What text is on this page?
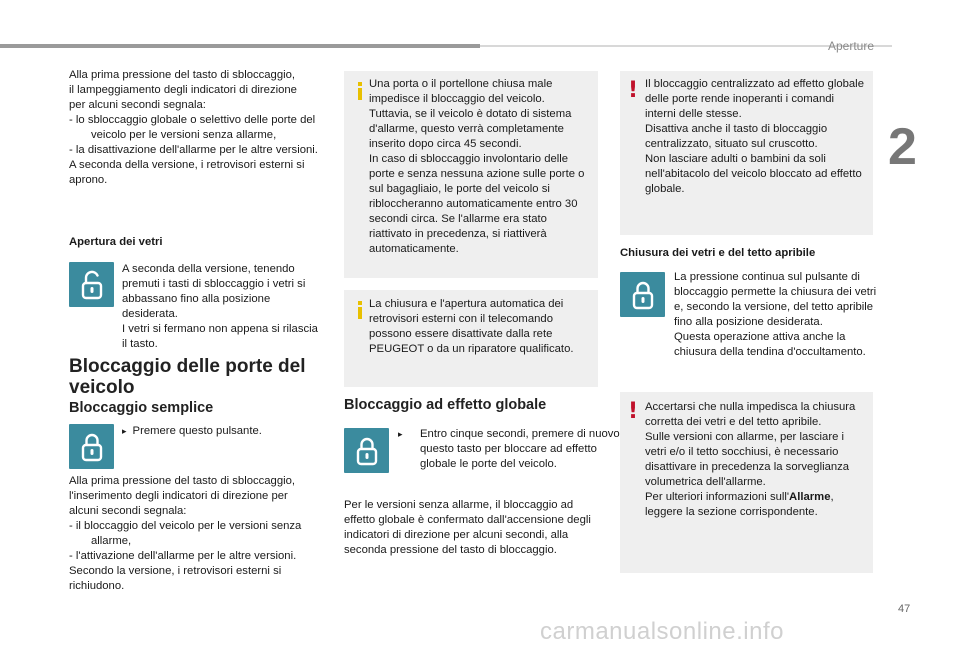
Aperture
2
47
carmanualsonline.info

Alla prima pressione del tasto di sbloccaggio,

il lampeggiamento degli indicatori di direzione

per alcuni secondi segnala:

- lo sbloccaggio globale o selettivo delle porte del veicolo per le versioni senza allarme,

- la disattivazione dell'allarme per le altre versioni.

A seconda della versione, i retrovisori esterni si aprono.

Apertura dei vetri
A seconda della versione, tenendo premuti i tasti di sbloccaggio i vetri si abbassano fino alla posizione desiderata.
I vetri si fermano non appena si rilascia il tasto.
Bloccaggio delle porte del veicolo
Bloccaggio semplice
▸ Premere questo pulsante.

Alla prima pressione del tasto di sbloccaggio,

l'inserimento degli indicatori di direzione per

alcuni secondi segnala:

- il bloccaggio del veicolo per le versioni senza allarme,

- l'attivazione dell'allarme per le altre versioni.

Secondo la versione, i retrovisori esterni si richiudono.

Una porta o il portellone chiusa male impedisce il bloccaggio del veicolo.
Tuttavia, se il veicolo è dotato di sistema d'allarme, questo verrà completamente inserito dopo circa 45 secondi.
In caso di sbloccaggio involontario delle porte e senza nessuna azione sulle porte o sul bagagliaio, le porte del veicolo si ribloccheranno automaticamente entro 30 secondi circa. Se l'allarme era stato riattivato in precedenza, si riattiverà automaticamente.
La chiusura e l'apertura automatica dei retrovisori esterni con il telecomando possono essere disattivate dalla rete PEUGEOT o da un riparatore qualificato.
Bloccaggio ad effetto globale
▸ Entro cinque secondi, premere di nuovo questo tasto per bloccare ad effetto globale le porte del veicolo.
Per le versioni senza allarme, il bloccaggio ad effetto globale è confermato dall'accensione degli indicatori di direzione per alcuni secondi, alla seconda pressione del tasto di bloccaggio.
! Il bloccaggio centralizzato ad effetto globale delle porte rende inoperanti i comandi interni delle stesse.
Disattiva anche il tasto di bloccaggio centralizzato, situato sul cruscotto.
Non lasciare adulti o bambini da soli nell'abitacolo del veicolo bloccato ad effetto globale.
Chiusura dei vetri e del tetto apribile
La pressione continua sul pulsante di bloccaggio permette la chiusura dei vetri e, secondo la versione, del tetto apribile fino alla posizione desiderata.
Questa operazione attiva anche la chiusura della tendina d'occultamento.
! Accertarsi che nulla impedisca la chiusura corretta dei vetri e del tetto apribile.
Sulle versioni con allarme, per lasciare i vetri e/o il tetto socchiusi, è necessario disattivare in precedenza la sorveglianza volumetrica dell'allarme.
Per ulteriori informazioni sull'Allarme,
leggere la sezione corrispondente.
